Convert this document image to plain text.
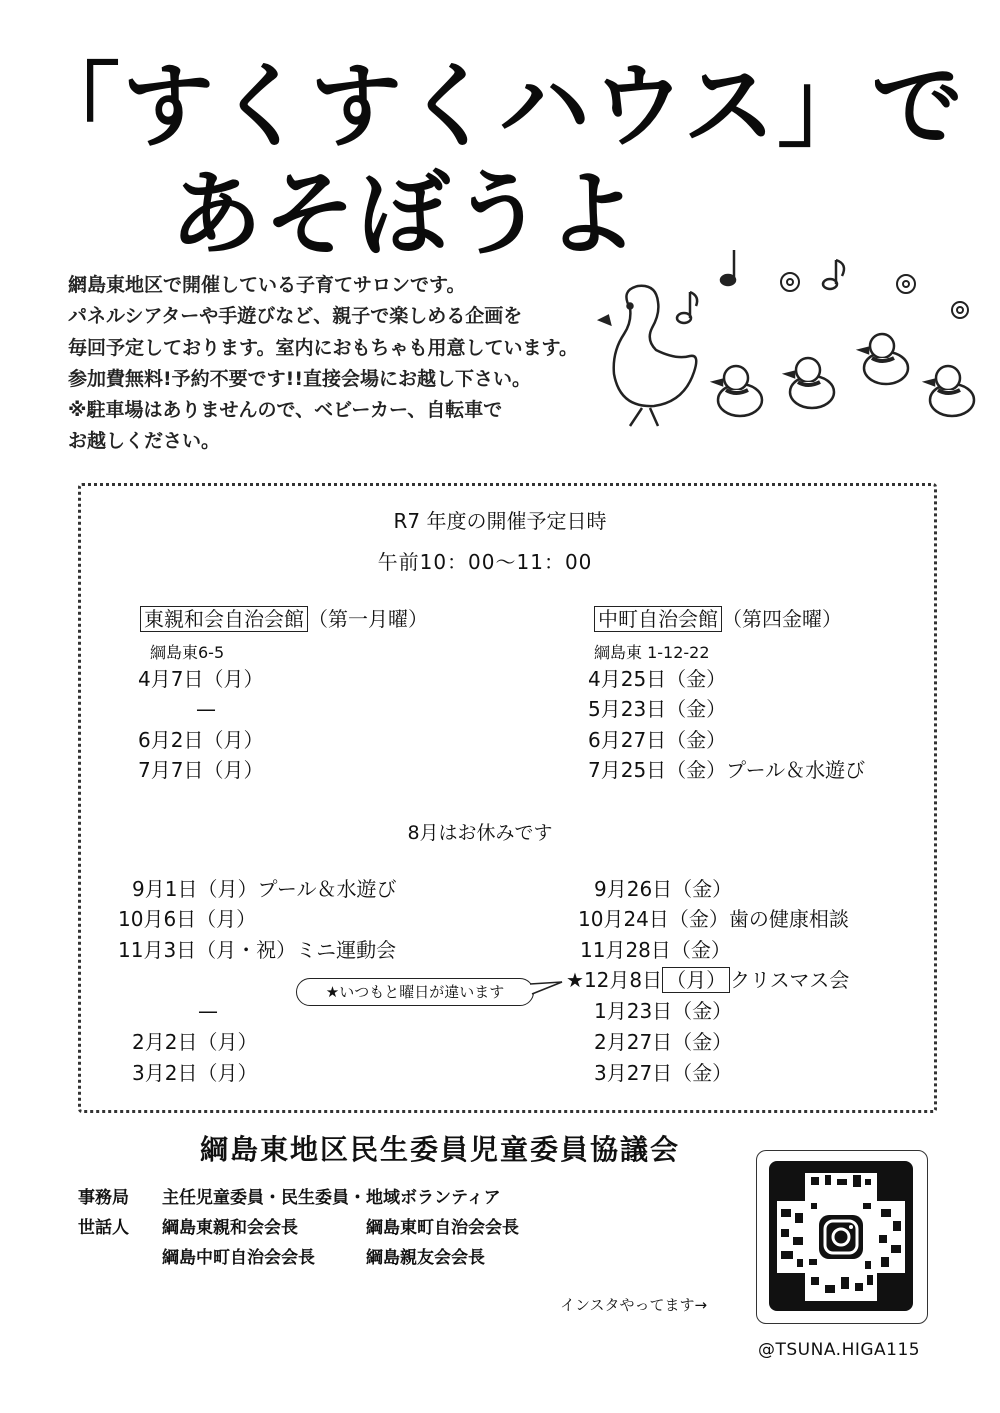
「すくすくハウス」で
あそぼうよ
網島東地区で開催している子育てサロンです。
パネルシアターや手遊びなど、親子で楽しめる企画を
毎回予定しております。室内におもちゃも用意しています。
参加費無料!予約不要です!!直接会場にお越し下さい。
※駐車場はありませんので、ベビーカー、自転車で
お越しください。
R7 年度の開催予定日時
午前10：00～11：00
東親和会自治会館 （第一月曜）
綱島東6-5
4月7日（月）
—
6月2日（月）
7月7日（月）
中町自治会館 （第四金曜）
綱島東 1-12-22
4月25日（金）
5月23日（金）
6月27日（金）
7月25日（金）プール＆水遊び
8月はお休みです
9月1日（月）プール＆水遊び
10月6日（月）
11月3日（月・祝）ミニ運動会
—
2月2日（月）
3月2日（月）
9月26日（金）
10月24日（金）歯の健康相談
11月28日（金）
★12月8日 （月） クリスマス会
1月23日（金）
2月27日（金）
3月27日（金）
★いつもと曜日が違います
綱島東地区民生委員児童委員協議会
事務局 主任児童委員・民生委員・地域ボランティア
世話人 綱島東親和会会長	綱島東町自治会会長
綱島中町自治会会長	綱島親友会会長
インスタやってます→
@TSUNA.HIGA115
